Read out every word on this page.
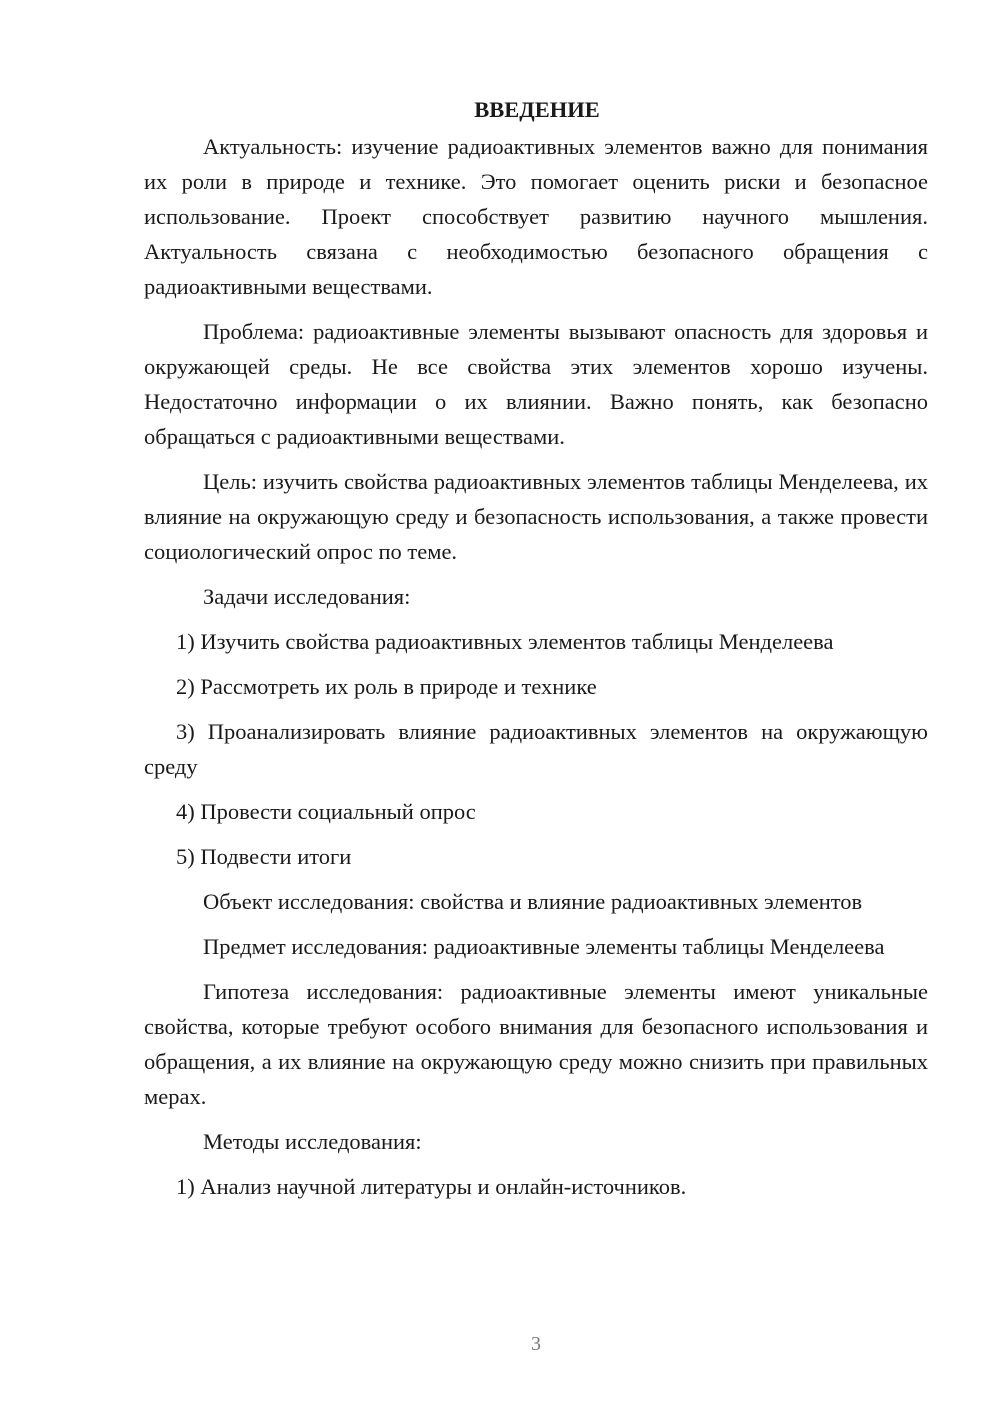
ВВЕДЕНИЕ

Актуальность: изучение радиоактивных элементов важно для понимания их роли в природе и технике. Это помогает оценить риски и безопасное использование. Проект способствует развитию научного мышления. Актуальность связана с необходимостью безопасного обращения с радиоактивными веществами.

Проблема: радиоактивные элементы вызывают опасность для здоровья и окружающей среды. Не все свойства этих элементов хорошо изучены. Недостаточно информации о их влиянии. Важно понять, как безопасно обращаться с радиоактивными веществами.

Цель: изучить свойства радиоактивных элементов таблицы Менделеева, их влияние на окружающую среду и безопасность использования, а также провести социологический опрос по теме.

Задачи исследования:

1) Изучить свойства радиоактивных элементов таблицы Менделеева

2) Рассмотреть их роль в природе и технике

3) Проанализировать влияние радиоактивных элементов на окружающую среду

4) Провести социальный опрос

5) Подвести итоги

Объект исследования: свойства и влияние радиоактивных элементов

Предмет исследования: радиоактивные элементы таблицы Менделеева

Гипотеза исследования: радиоактивные элементы имеют уникальные свойства, которые требуют особого внимания для безопасного использования и обращения, а их влияние на окружающую среду можно снизить при правильных мерах.

Методы исследования:

1) Анализ научной литературы и онлайн-источников.

3
